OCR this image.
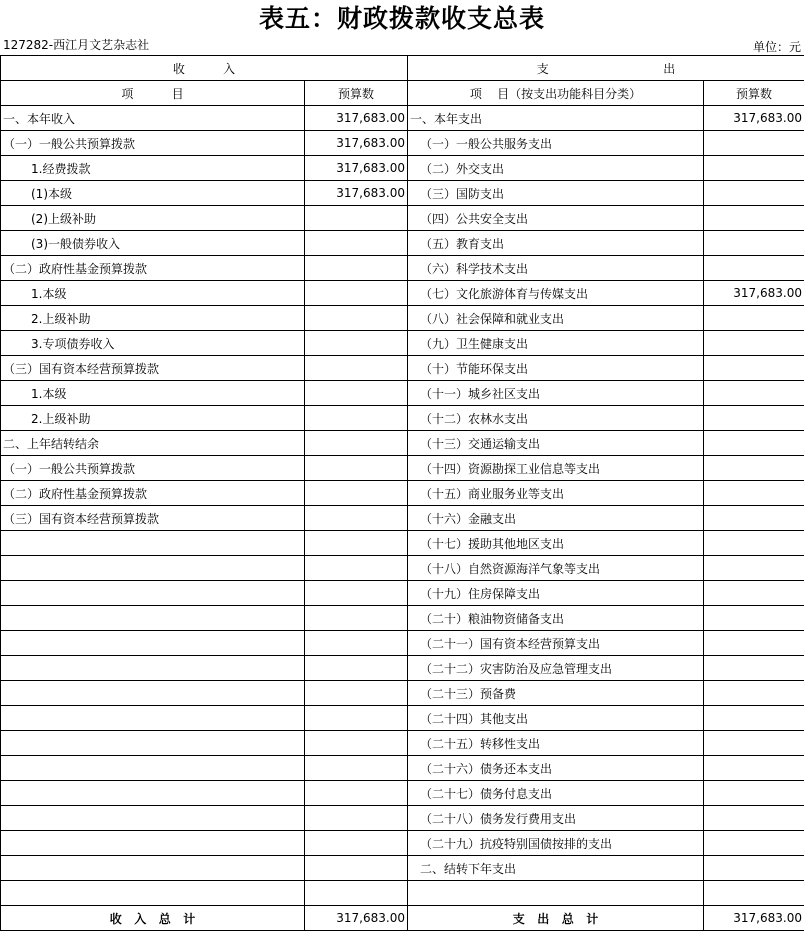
表五：财政拨款收支总表
127282-西江月文艺杂志社	单位：元
收          入		支                              出	
项          目	预算数	项    目（按支出功能科目分类）	预算数
一、本年收入	317,683.00	一、本年支出	317,683.00
（一）一般公共预算拨款	317,683.00	（一）一般公共服务支出	
1.经费拨款	317,683.00	（二）外交支出	
(1)本级	317,683.00	（三）国防支出	
(2)上级补助		（四）公共安全支出	
(3)一般债券收入		（五）教育支出	
（二）政府性基金预算拨款		（六）科学技术支出	
1.本级		（七）文化旅游体育与传媒支出	317,683.00
2.上级补助		（八）社会保障和就业支出	
3.专项债券收入		（九）卫生健康支出	
（三）国有资本经营预算拨款		（十）节能环保支出	
1.本级		（十一）城乡社区支出	
2.上级补助		（十二）农林水支出	
二、上年结转结余		（十三）交通运输支出	
（一）一般公共预算拨款		（十四）资源勘探工业信息等支出	
（二）政府性基金预算拨款		（十五）商业服务业等支出	
（三）国有资本经营预算拨款		（十六）金融支出	
		（十七）援助其他地区支出	
		（十八）自然资源海洋气象等支出	
		（十九）住房保障支出	
		（二十）粮油物资储备支出	
		（二十一）国有资本经营预算支出	
		（二十二）灾害防治及应急管理支出	
		（二十三）预备费	
		（二十四）其他支出	
		（二十五）转移性支出	
		（二十六）债务还本支出	
		（二十七）债务付息支出	
		（二十八）债务发行费用支出	
		（二十九）抗疫特别国债按排的支出	
		二、结转下年支出	

收   入   总   计	317,683.00	支   出   总   计	317,683.00
